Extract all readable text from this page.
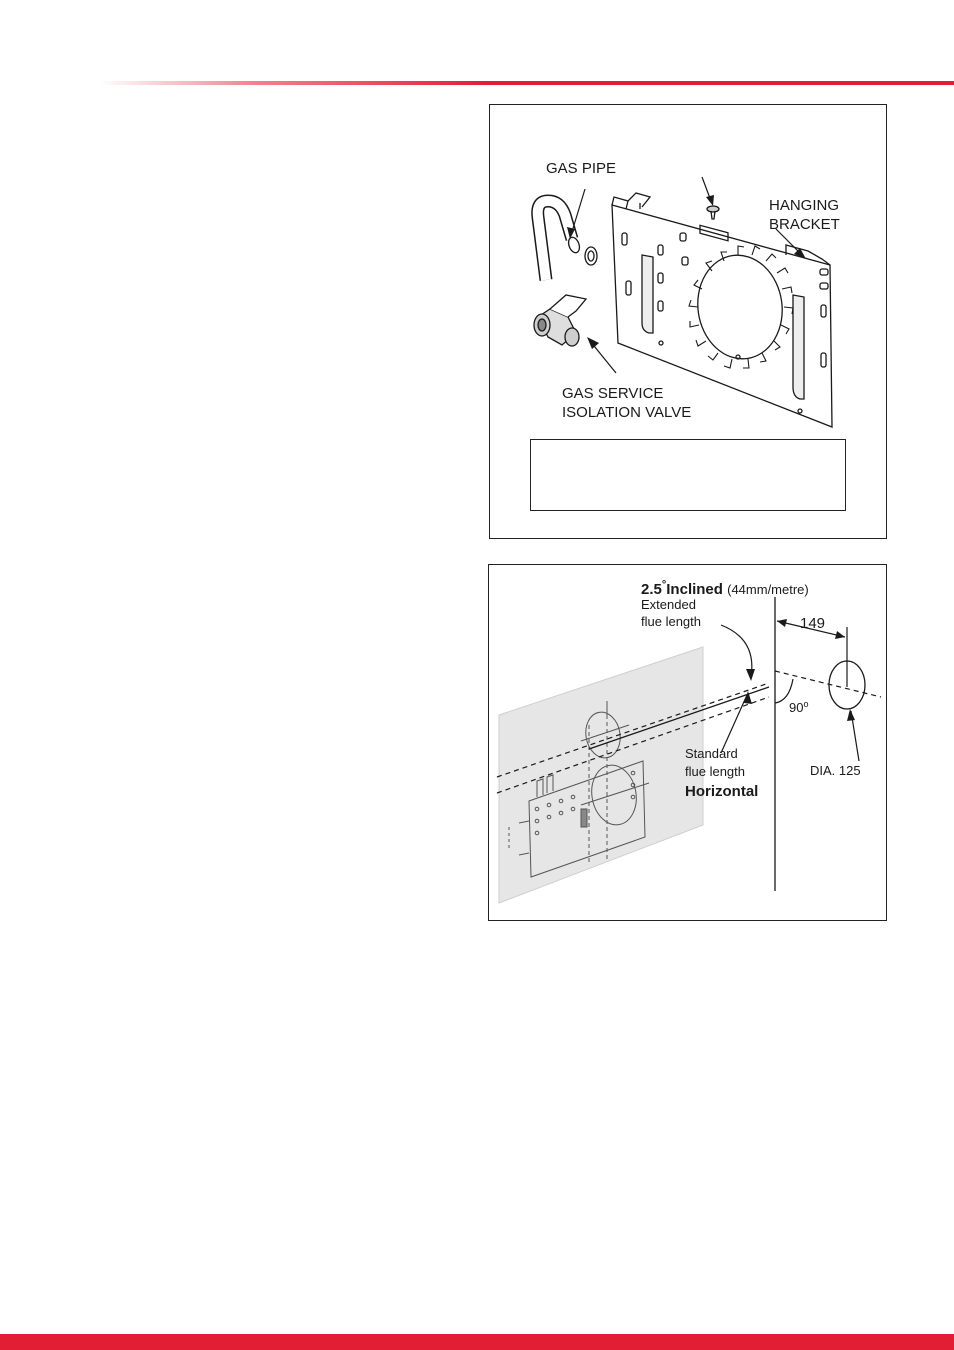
GAS PIPE
HANGING
BRACKET
GAS SERVICE
ISOLATION VALVE
2.5°Inclined (44mm/metre)
Extended
flue length	149
90$^o$
Standard
flue length
Horizontal
DIA. 125
